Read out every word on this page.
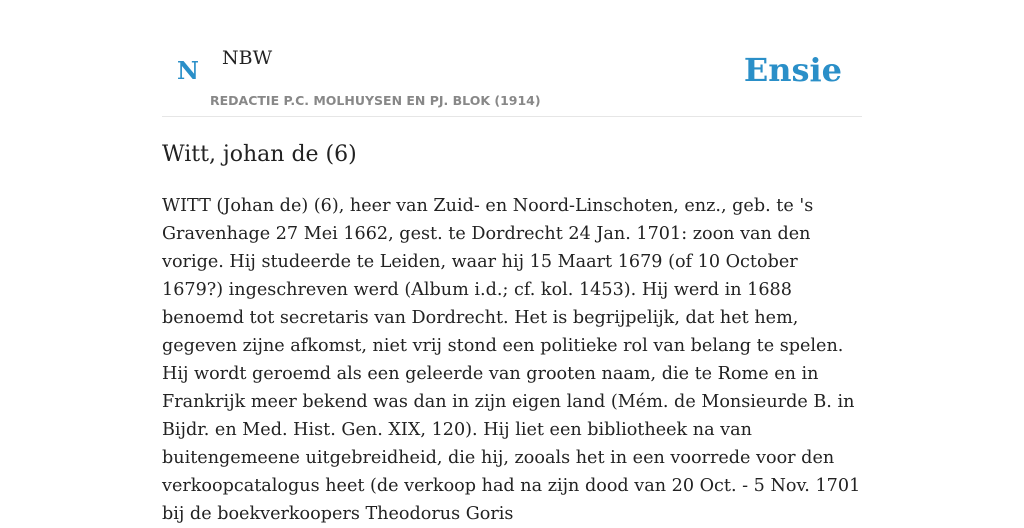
N NBW
REDACTIE P.C. MOLHUYSEN EN PJ. BLOK (1914)
Ensie
Witt, johan de (6)

WITT (Johan de) (6), heer van Zuid- en Noord-Linschoten, enz., geb. te 's Gravenhage 27 Mei 1662, gest. te Dordrecht 24 Jan. 1701: zoon van den vorige. Hij studeerde te Leiden, waar hij 15 Maart 1679 (of 10 October 1679?) ingeschreven werd (Album i.d.; cf. kol. 1453). Hij werd in 1688 benoemd tot secretaris van Dordrecht. Het is begrijpelijk, dat het hem, gegeven zijne afkomst, niet vrij stond een politieke rol van belang te spelen. Hij wordt geroemd als een geleerde van grooten naam, die te Rome en in Frankrijk meer bekend was dan in zijn eigen land (Mém. de Monsieurde B. in Bijdr. en Med. Hist. Gen. XIX, 120). Hij liet een bibliotheek na van buitengemeene uitgebreidheid, die hij, zooals het in een voorrede voor den verkoopcatalogus heet (de verkoop had na zijn dood van 20 Oct. - 5 Nov. 1701 bij de boekverkoopers Theodorus Goris
